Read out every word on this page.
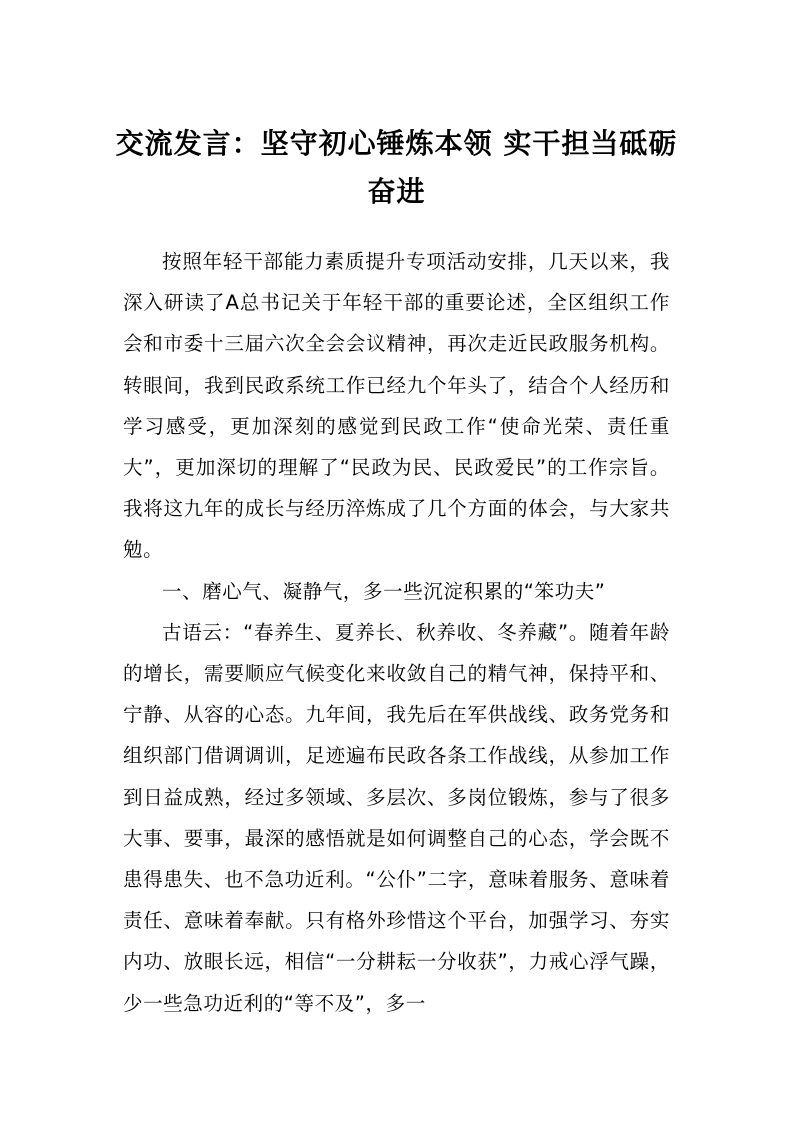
交流发言：坚守初心锤炼本领 实干担当砥砺奋进

按照年轻干部能力素质提升专项活动安排，几天以来，我深入研读了A总书记关于年轻干部的重要论述，全区组织工作会和市委十三届六次全会会议精神，再次走近民政服务机构。转眼间，我到民政系统工作已经九个年头了，结合个人经历和学习感受，更加深刻的感觉到民政工作“使命光荣、责任重大”，更加深切的理解了“民政为民、民政爱民”的工作宗旨。我将这九年的成长与经历淬炼成了几个方面的体会，与大家共勉。

一、磨心气、凝静气，多一些沉淀积累的“笨功夫”

古语云：“春养生、夏养长、秋养收、冬养藏”。随着年龄的增长，需要顺应气候变化来收敛自己的精气神，保持平和、宁静、从容的心态。九年间，我先后在军供战线、政务党务和组织部门借调调训，足迹遍布民政各条工作战线，从参加工作到日益成熟，经过多领域、多层次、多岗位锻炼，参与了很多大事、要事，最深的感悟就是如何调整自己的心态，学会既不患得患失、也不急功近利。“公仆”二字，意味着服务、意味着责任、意味着奉献。只有格外珍惜这个平台，加强学习、夯实内功、放眼长远，相信“一分耕耘一分收获”，力戒心浮气躁，少一些急功近利的“等不及”，多一
